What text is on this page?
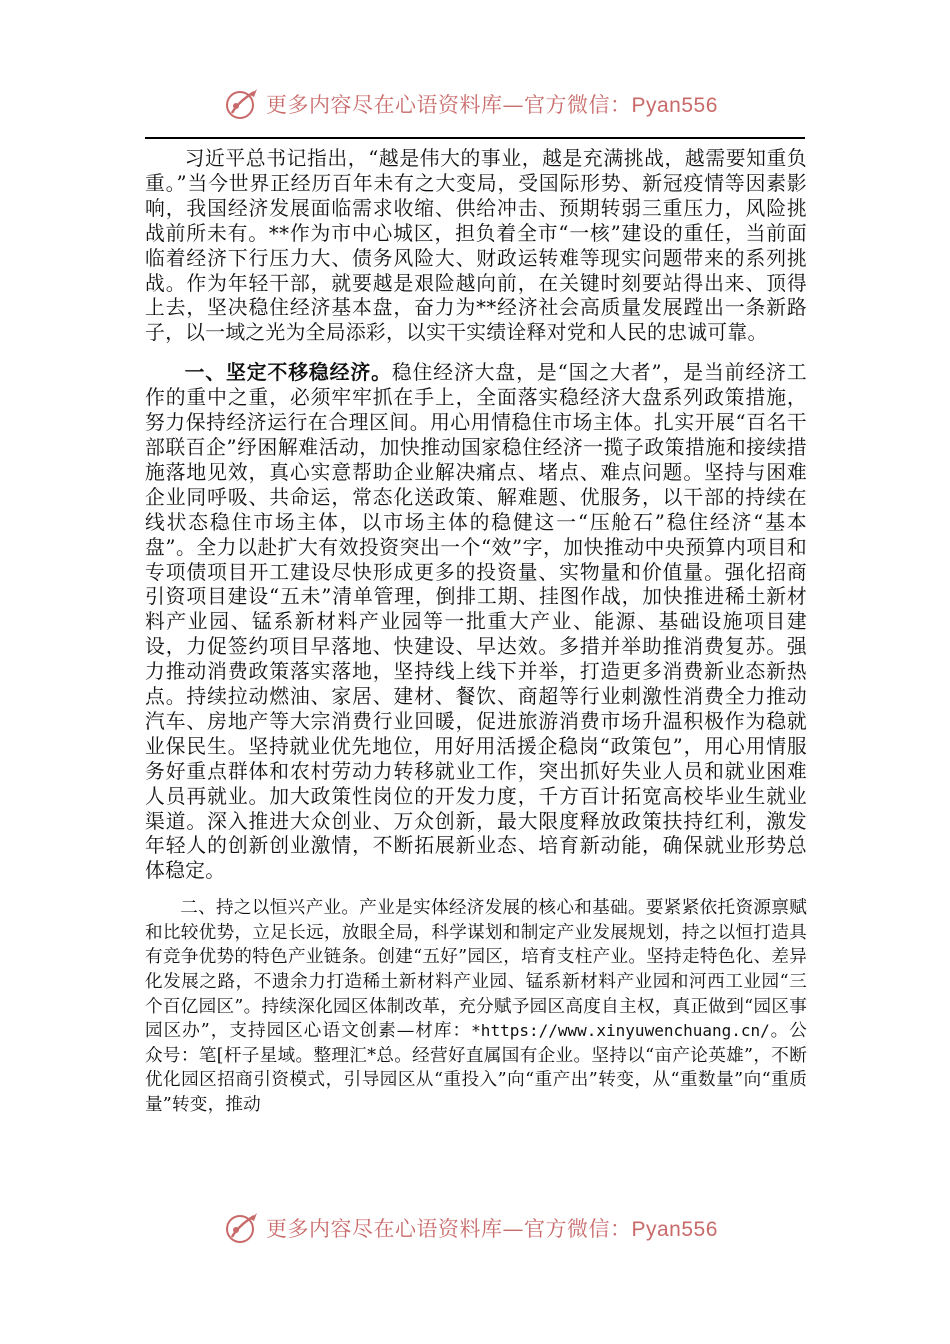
更多内容尽在心语资料库—官方微信：Pyan556

习近平总书记指出，“越是伟大的事业，越是充满挑战，越需要知重负重。”当今世界正经历百年未有之大变局，受国际形势、新冠疫情等因素影响，我国经济发展面临需求收缩、供给冲击、预期转弱三重压力，风险挑战前所未有。**作为市中心城区，担负着全市“一核”建设的重任，当前面临着经济下行压力大、债务风险大、财政运转难等现实问题带来的系列挑战。作为年轻干部，就要越是艰险越向前，在关键时刻要站得出来、顶得上去，坚决稳住经济基本盘，奋力为**经济社会高质量发展蹚出一条新路子，以一域之光为全局添彩，以实干实绩诠释对党和人民的忠诚可靠。

一、坚定不移稳经济。稳住经济大盘，是“国之大者”，是当前经济工作的重中之重，必须牢牢抓在手上，全面落实稳经济大盘系列政策措施，努力保持经济运行在合理区间。用心用情稳住市场主体。扎实开展“百名干部联百企”纾困解难活动，加快推动国家稳住经济一揽子政策措施和接续措施落地见效，真心实意帮助企业解决痛点、堵点、难点问题。坚持与困难企业同呼吸、共命运，常态化送政策、解难题、优服务，以干部的持续在线状态稳住市场主体，以市场主体的稳健这一“压舱石”稳住经济“基本盘”。全力以赴扩大有效投资突出一个“效”字，加快推动中央预算内项目和专项债项目开工建设尽快形成更多的投资量、实物量和价值量。强化招商引资项目建设“五未”清单管理，倒排工期、挂图作战，加快推进稀土新材料产业园、锰系新材料产业园等一批重大产业、能源、基础设施项目建设，力促签约项目早落地、快建设、早达效。多措并举助推消费复苏。强力推动消费政策落实落地，坚持线上线下并举，打造更多消费新业态新热点。持续拉动燃油、家居、建材、餐饮、商超等行业刺激性消费全力推动汽车、房地产等大宗消费行业回暖，促进旅游消费市场升温积极作为稳就业保民生。坚持就业优先地位，用好用活援企稳岗“政策包”，用心用情服务好重点群体和农村劳动力转移就业工作，突出抓好失业人员和就业困难人员再就业。加大政策性岗位的开发力度，千方百计拓宽高校毕业生就业渠道。深入推进大众创业、万众创新，最大限度释放政策扶持红利，激发年轻人的创新创业激情，不断拓展新业态、培育新动能，确保就业形势总体稳定。

二、持之以恒兴产业。产业是实体经济发展的核心和基础。要紧紧依托资源禀赋和比较优势，立足长远，放眼全局，科学谋划和制定产业发展规划，持之以恒打造具有竞争优势的特色产业链条。创建“五好”园区，培育支柱产业。坚持走特色化、差异化发展之路，不遗余力打造稀土新材料产业园、锰系新材料产业园和河西工业园“三个百亿园区”。持续深化园区体制改革，充分赋予园区高度自主权，真正做到“园区事园区办”，支持园区心语文创素—材库：*https://www.xinyuwenchuang.cn/。公众号：笔[杆子星域。整理汇*总。经营好直属国有企业。坚持以“亩产论英雄”，不断优化园区招商引资模式，引导园区从“重投入”向“重产出”转变，从“重数量”向“重质量”转变，推动

更多内容尽在心语资料库—官方微信：Pyan556
